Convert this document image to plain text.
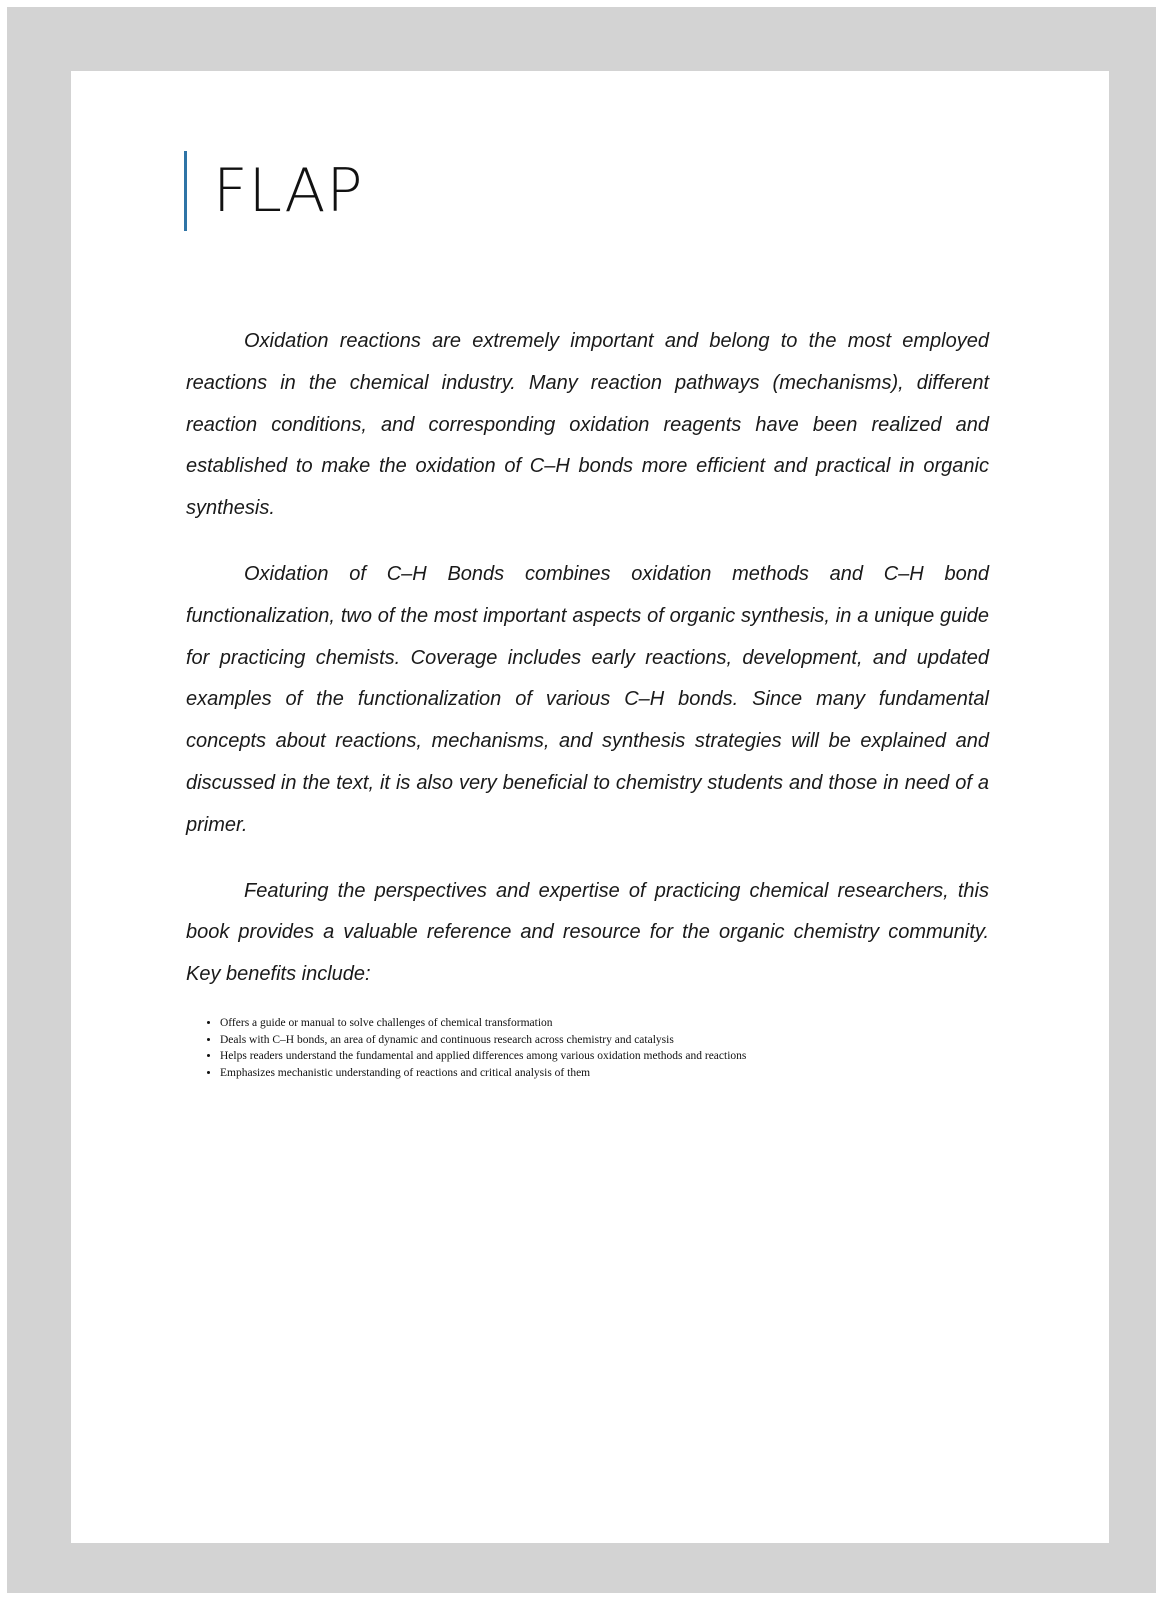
FLAP

Oxidation reactions are extremely important and belong to the most employed reactions in the chemical industry. Many reaction pathways (mechanisms), different reaction conditions, and corresponding oxidation reagents have been realized and established to make the oxidation of C–H bonds more efficient and practical in organic synthesis.

Oxidation of C–H Bonds combines oxidation methods and C–H bond functionalization, two of the most important aspects of organic synthesis, in a unique guide for practicing chemists. Coverage includes early reactions, development, and updated examples of the functionalization of various C–H bonds. Since many fundamental concepts about reactions, mechanisms, and synthesis strategies will be explained and discussed in the text, it is also very beneficial to chemistry students and those in need of a primer.

Featuring the perspectives and expertise of practicing chemical researchers, this book provides a valuable reference and resource for the organic chemistry community. Key benefits include:

• Offers a guide or manual to solve challenges of chemical transformation
• Deals with C–H bonds, an area of dynamic and continuous research across chemistry and catalysis
• Helps readers understand the fundamental and applied differences among various oxidation methods and reactions
• Emphasizes mechanistic understanding of reactions and critical analysis of them
